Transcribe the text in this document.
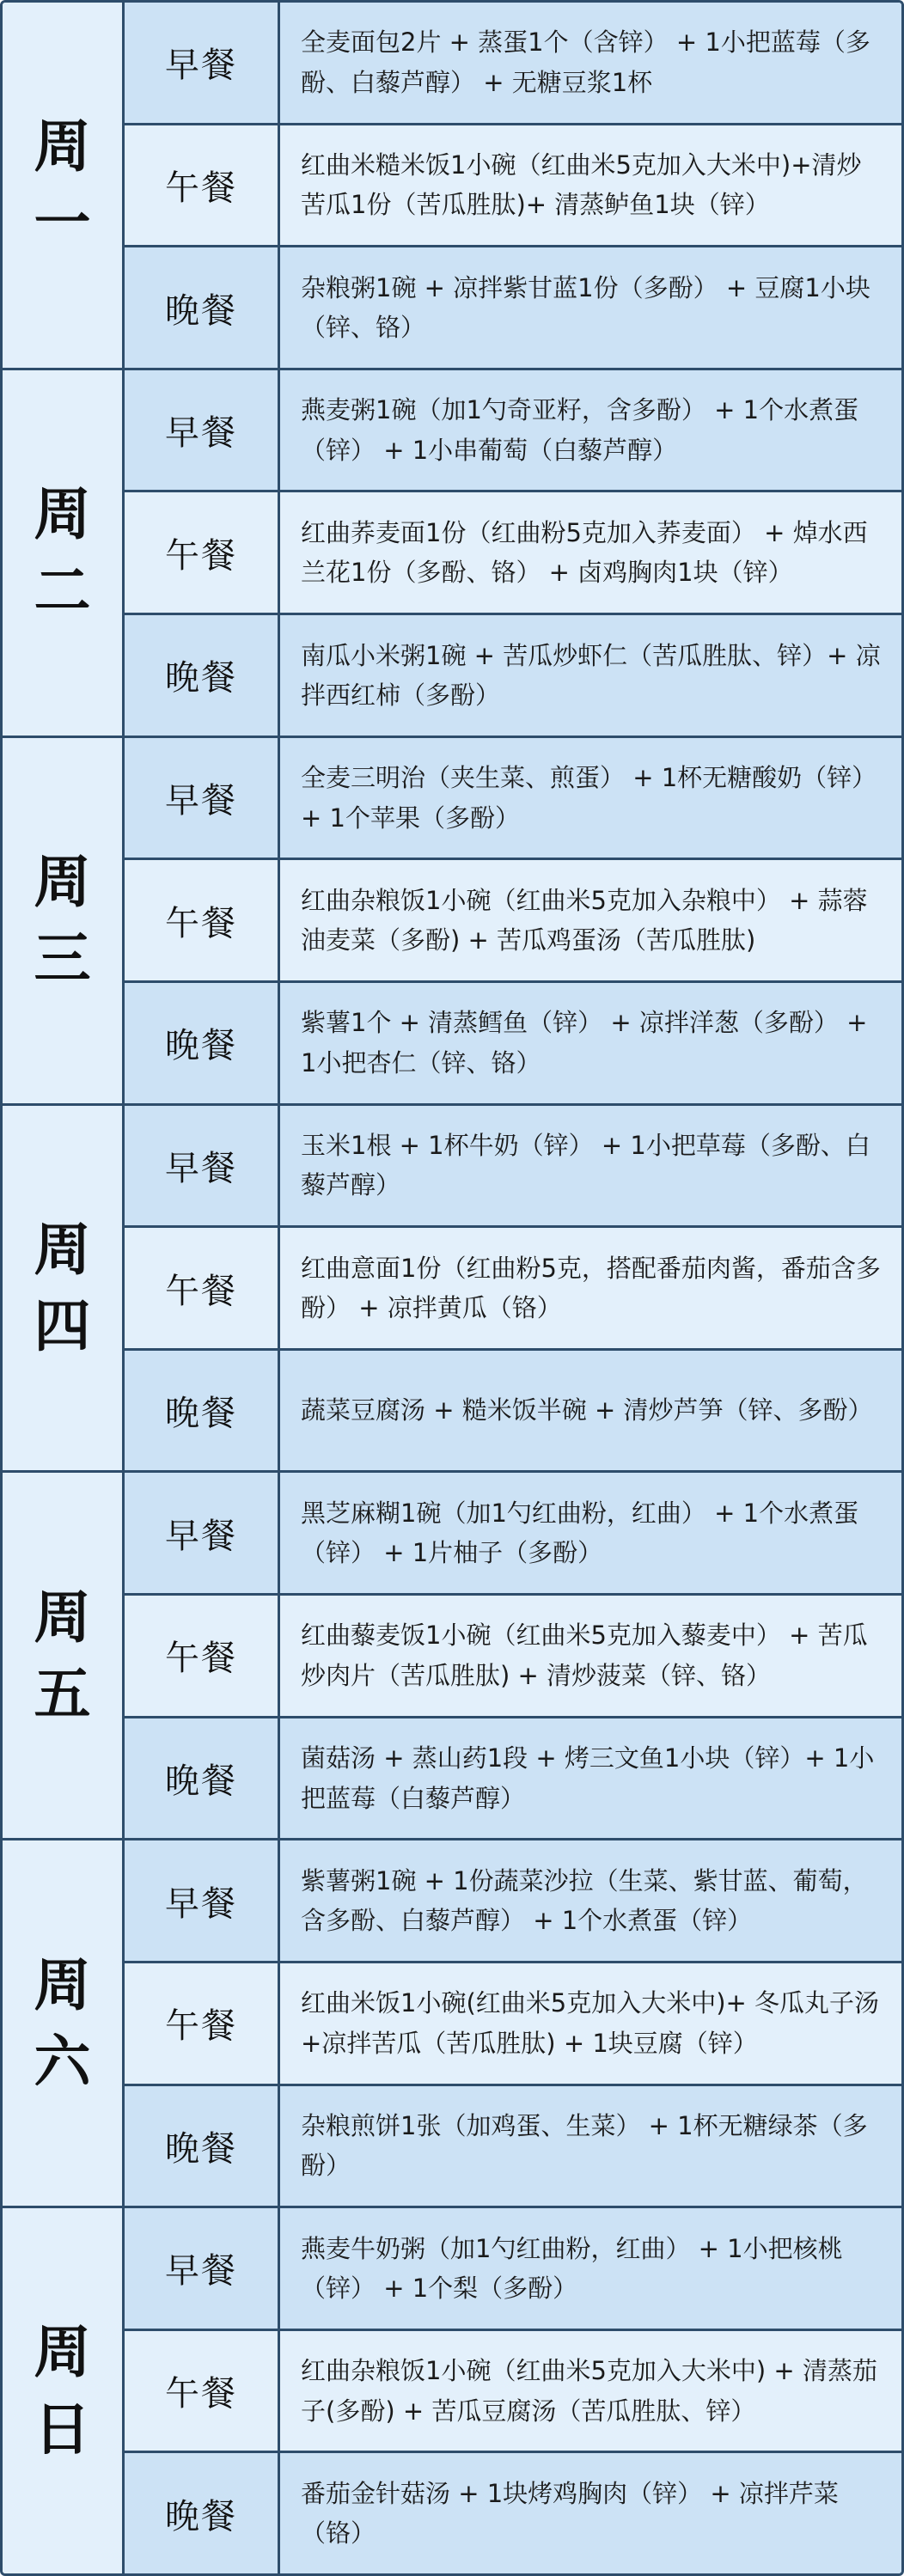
周
一
早餐
全麦面包2片 + 蒸蛋1个（含锌） + 1小把蓝莓（多酚、白藜芦醇） + 无糖豆浆1杯
午餐
红曲米糙米饭1小碗（红曲米5克加入大米中)+清炒苦瓜1份（苦瓜胜肽)+ 清蒸鲈鱼1块（锌）
晚餐
杂粮粥1碗 + 凉拌紫甘蓝1份（多酚） + 豆腐1小块（锌、铬）
周
二
早餐
燕麦粥1碗（加1勺奇亚籽，含多酚） + 1个水煮蛋（锌） + 1小串葡萄（白藜芦醇）
午餐
红曲荞麦面1份（红曲粉5克加入荞麦面） + 焯水西兰花1份（多酚、铬） + 卤鸡胸肉1块（锌）
晚餐
南瓜小米粥1碗 + 苦瓜炒虾仁（苦瓜胜肽、锌）+ 凉拌西红柿（多酚）
周
三
早餐
全麦三明治（夹生菜、煎蛋） + 1杯无糖酸奶（锌） + 1个苹果（多酚）
午餐
红曲杂粮饭1小碗（红曲米5克加入杂粮中） + 蒜蓉油麦菜（多酚) + 苦瓜鸡蛋汤（苦瓜胜肽)
晚餐
紫薯1个 + 清蒸鳕鱼（锌） + 凉拌洋葱（多酚） + 1小把杏仁（锌、铬）
周
四
早餐
玉米1根 + 1杯牛奶（锌） + 1小把草莓（多酚、白藜芦醇）
午餐
红曲意面1份（红曲粉5克，搭配番茄肉酱，番茄含多酚） + 凉拌黄瓜（铬）
晚餐	蔬菜豆腐汤 + 糙米饭半碗 + 清炒芦笋（锌、多酚）
周
五
早餐
黑芝麻糊1碗（加1勺红曲粉，红曲） + 1个水煮蛋（锌） + 1片柚子（多酚）
午餐
红曲藜麦饭1小碗（红曲米5克加入藜麦中） + 苦瓜炒肉片（苦瓜胜肽) + 清炒菠菜（锌、铬）
晚餐
菌菇汤 + 蒸山药1段 + 烤三文鱼1小块（锌）+ 1小把蓝莓（白藜芦醇）
周
六
早餐
紫薯粥1碗 + 1份蔬菜沙拉（生菜、紫甘蓝、葡萄，含多酚、白藜芦醇） + 1个水煮蛋（锌）
午餐
红曲米饭1小碗(红曲米5克加入大米中)+ 冬瓜丸子汤+凉拌苦瓜（苦瓜胜肽) + 1块豆腐（锌）
晚餐
杂粮煎饼1张（加鸡蛋、生菜） + 1杯无糖绿茶（多酚）
周
日
早餐
燕麦牛奶粥（加1勺红曲粉，红曲） + 1小把核桃（锌） + 1个梨（多酚）
午餐
红曲杂粮饭1小碗（红曲米5克加入大米中) + 清蒸茄子(多酚) + 苦瓜豆腐汤（苦瓜胜肽、锌）
晚餐
番茄金针菇汤 + 1块烤鸡胸肉（锌） + 凉拌芹菜（铬）
